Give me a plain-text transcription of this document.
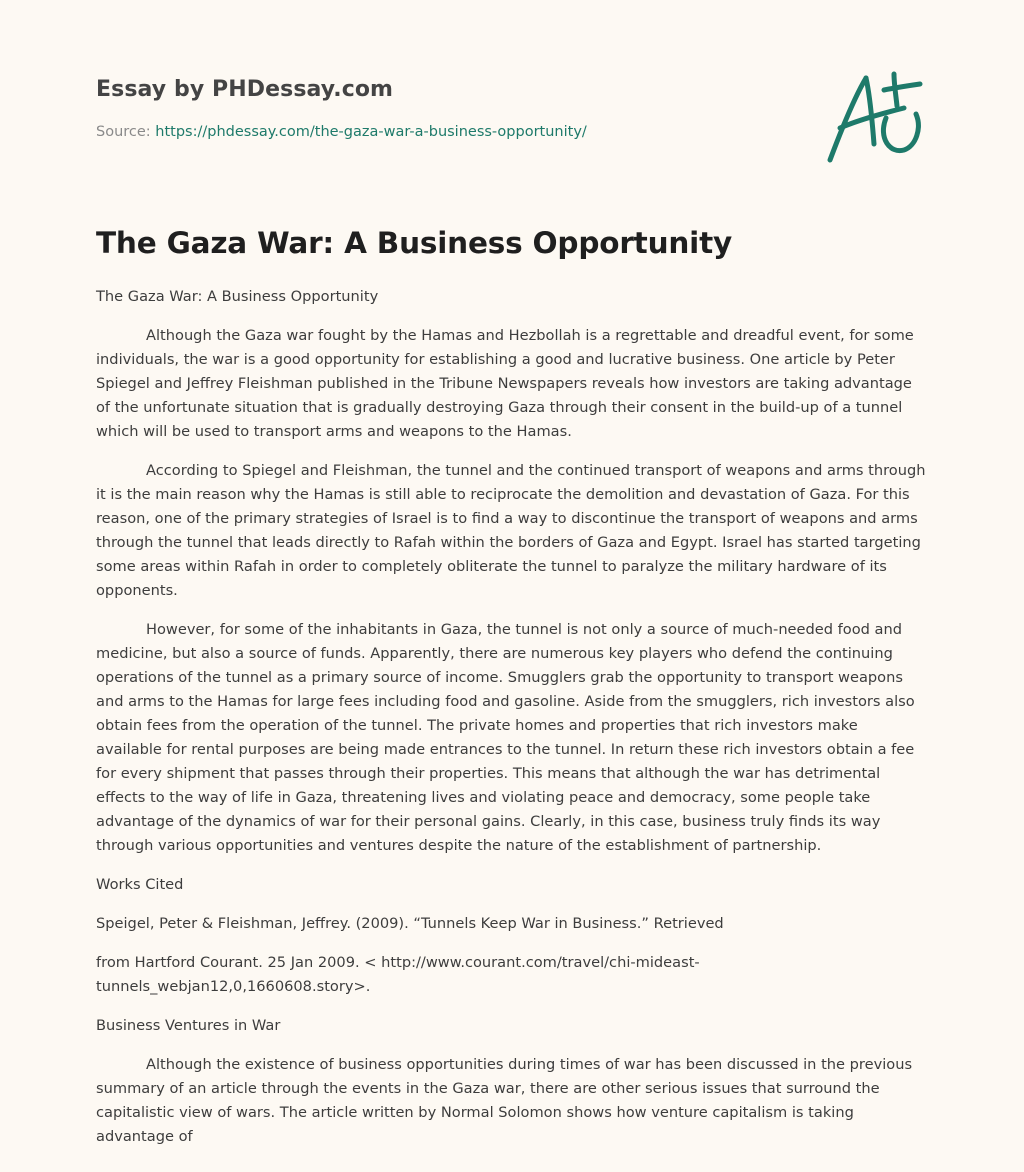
Essay by PHDessay.com
Source: https://phdessay.com/the-gaza-war-a-business-opportunity/
The Gaza War: A Business Opportunity

The Gaza War: A Business Opportunity

Although the Gaza war fought by the Hamas and Hezbollah is a regrettable and dreadful event, for some individuals, the war is a good opportunity for establishing a good and lucrative business. One article by Peter Spiegel and Jeffrey Fleishman published in the Tribune Newspapers reveals how investors are taking advantage of the unfortunate situation that is gradually destroying Gaza through their consent in the build-up of a tunnel which will be used to transport arms and weapons to the Hamas.

According to Spiegel and Fleishman, the tunnel and the continued transport of weapons and arms through it is the main reason why the Hamas is still able to reciprocate the demolition and devastation of Gaza. For this reason, one of the primary strategies of Israel is to find a way to discontinue the transport of weapons and arms through the tunnel that leads directly to Rafah within the borders of Gaza and Egypt. Israel has started targeting some areas within Rafah in order to completely obliterate the tunnel to paralyze the military hardware of its opponents.

However, for some of the inhabitants in Gaza, the tunnel is not only a source of much-needed food and medicine, but also a source of funds. Apparently, there are numerous key players who defend the continuing operations of the tunnel as a primary source of income. Smugglers grab the opportunity to transport weapons and arms to the Hamas for large fees including food and gasoline. Aside from the smugglers, rich investors also obtain fees from the operation of the tunnel. The private homes and properties that rich investors make available for rental purposes are being made entrances to the tunnel. In return these rich investors obtain a fee for every shipment that passes through their properties. This means that although the war has detrimental effects to the way of life in Gaza, threatening lives and violating peace and democracy, some people take advantage of the dynamics of war for their personal gains. Clearly, in this case, business truly finds its way through various opportunities and ventures despite the nature of the establishment of partnership.

Works Cited

Speigel, Peter & Fleishman, Jeffrey. (2009). “Tunnels Keep War in Business.” Retrieved

from Hartford Courant. 25 Jan 2009. < http://www.courant.com/travel/chi-mideast-tunnels_webjan12,0,1660608.story>.

Business Ventures in War

Although the existence of business opportunities during times of war has been discussed in the previous summary of an article through the events in the Gaza war, there are other serious issues that surround the capitalistic view of wars. The article written by Normal Solomon shows how venture capitalism is taking advantage of
